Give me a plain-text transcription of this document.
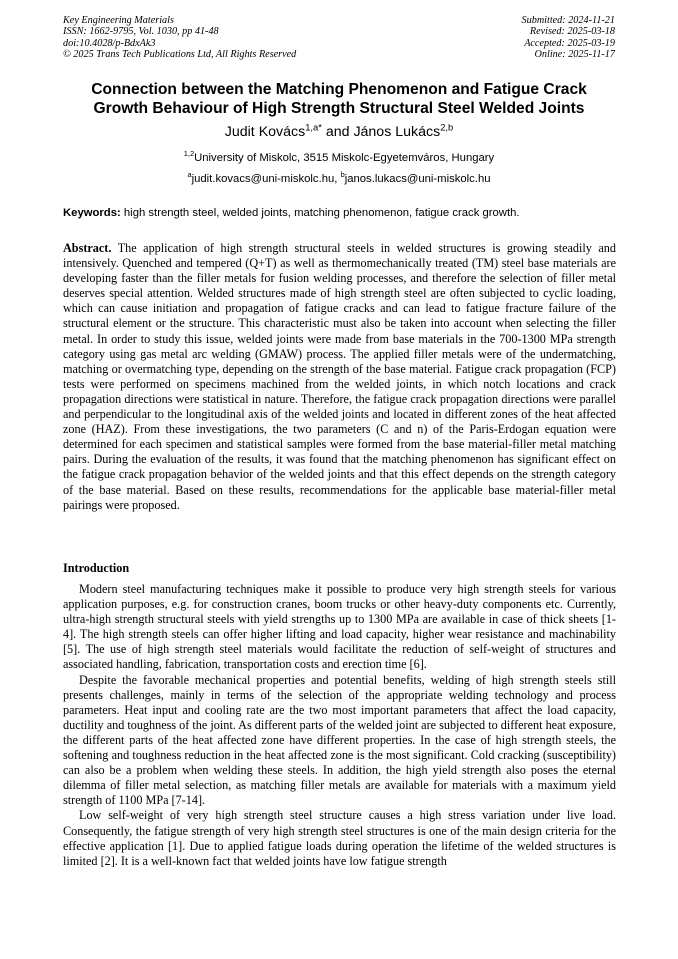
Key Engineering Materials
ISSN: 1662-9795, Vol. 1030, pp 41-48
doi:10.4028/p-BdxAk3
© 2025 Trans Tech Publications Ltd, All Rights Reserved
Submitted: 2024-11-21
Revised: 2025-03-18
Accepted: 2025-03-19
Online: 2025-11-17
Connection between the Matching Phenomenon and Fatigue Crack
Growth Behaviour of High Strength Structural Steel Welded Joints
Judit Kovács$^{1,a*}$ and János Lukács$^{2,b}$
$^{1,2}$University of Miskolc, 3515 Miskolc-Egyetemváros, Hungary
$^a$judit.kovacs@uni-miskolc.hu, $^b$janos.lukacs@uni-miskolc.hu
Keywords: high strength steel, welded joints, matching phenomenon, fatigue crack growth.

Abstract. The application of high strength structural steels in welded structures is growing steadily and intensively. Quenched and tempered (Q+T) as well as thermomechanically treated (TM) steel base materials are developing faster than the filler metals for fusion welding processes, and therefore the selection of filler metal deserves special attention. Welded structures made of high strength steel are often subjected to cyclic loading, which can cause initiation and propagation of fatigue cracks and can lead to fatigue fracture failure of the structural element or the structure. This characteristic must also be taken into account when selecting the filler metal. In order to study this issue, welded joints were made from base materials in the 700-1300 MPa strength category using gas metal arc welding (GMAW) process. The applied filler metals were of the undermatching, matching or overmatching type, depending on the strength of the base material. Fatigue crack propagation (FCP) tests were performed on specimens machined from the welded joints, in which notch locations and crack propagation directions were statistical in nature. Therefore, the fatigue crack propagation directions were parallel and perpendicular to the longitudinal axis of the welded joints and located in different zones of the heat affected zone (HAZ). From these investigations, the two parameters (C and n) of the Paris-Erdogan equation were determined for each specimen and statistical samples were formed from the base material-filler metal matching pairs. During the evaluation of the results, it was found that the matching phenomenon has significant effect on the fatigue crack propagation behavior of the welded joints and that this effect depends on the strength category of the base material. Based on these results, recommendations for the applicable base material-filler metal pairings were proposed.

Introduction

Modern steel manufacturing techniques make it possible to produce very high strength steels for various application purposes, e.g. for construction cranes, boom trucks or other heavy-duty components etc. Currently, ultra-high strength structural steels with yield strengths up to 1300 MPa are available in case of thick sheets [1-4]. The high strength steels can offer higher lifting and load capacity, higher wear resistance and machinability [5]. The use of high strength steel materials would facilitate the reduction of self-weight of structures and associated handling, fabrication, transportation costs and erection time [6].

Despite the favorable mechanical properties and potential benefits, welding of high strength steels still presents challenges, mainly in terms of the selection of the appropriate welding technology and process parameters. Heat input and cooling rate are the two most important parameters that affect the load capacity, ductility and toughness of the joint. As different parts of the welded joint are subjected to different heat exposure, the different parts of the heat affected zone have different properties. In the case of high strength steels, the softening and toughness reduction in the heat affected zone is the most significant. Cold cracking (susceptibility) can also be a problem when welding these steels. In addition, the high yield strength also poses the eternal dilemma of filler metal selection, as matching filler metals are available for materials with a maximum yield strength of 1100 MPa [7-14].

Low self-weight of very high strength steel structure causes a high stress variation under live load. Consequently, the fatigue strength of very high strength steel structures is one of the main design criteria for the effective application [1]. Due to applied fatigue loads during operation the lifetime of the welded structures is limited [2]. It is a well-known fact that welded joints have low fatigue strength
